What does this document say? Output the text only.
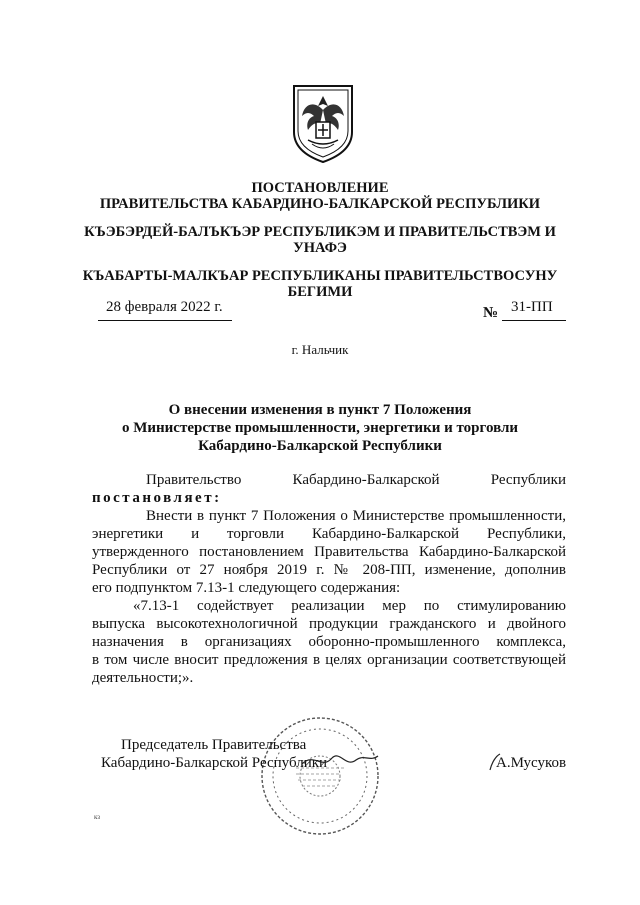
ПОСТАНОВЛЕНИЕ
ПРАВИТЕЛЬСТВА КАБАРДИНО-БАЛКАРСКОЙ РЕСПУБЛИКИ
КЪЭБЭРДЕЙ-БАЛЪКЪЭР РЕСПУБЛИКЭМ И ПРАВИТЕЛЬСТВЭМ И
УНАФЭ
КЪАБАРТЫ-МАЛКЪАР РЕСПУБЛИКАНЫ ПРАВИТЕЛЬСТВОСУНУ
БЕГИМИ
28 февраля 2022 г.	№ 31-ПП
г. Нальчик
О внесении изменения в пункт 7 Положения
о Министерстве промышленности, энергетики и торговли
Кабардино-Балкарской Республики
Правительство	Кабардино-Балкарской	Республики
постановляет:
Внести в пункт 7 Положения о Министерстве промышленности,
энергетики и торговли Кабардино-Балкарской Республики,
утвержденного постановлением Правительства Кабардино-Балкарской
Республики от 27 ноября 2019 г. № 208-ПП, изменение, дополнив
его подпунктом 7.13-1 следующего содержания:
«7.13-1 содействует реализации мер по стимулированию
выпуска высокотехнологичной продукции гражданского и двойного
назначения в организациях оборонно-промышленного комплекса,
в том числе вносит предложения в целях организации соответствующей
деятельности;».
Председатель Правительства
Кабардино-Балкарской Республики	А.Мусуков
кз
